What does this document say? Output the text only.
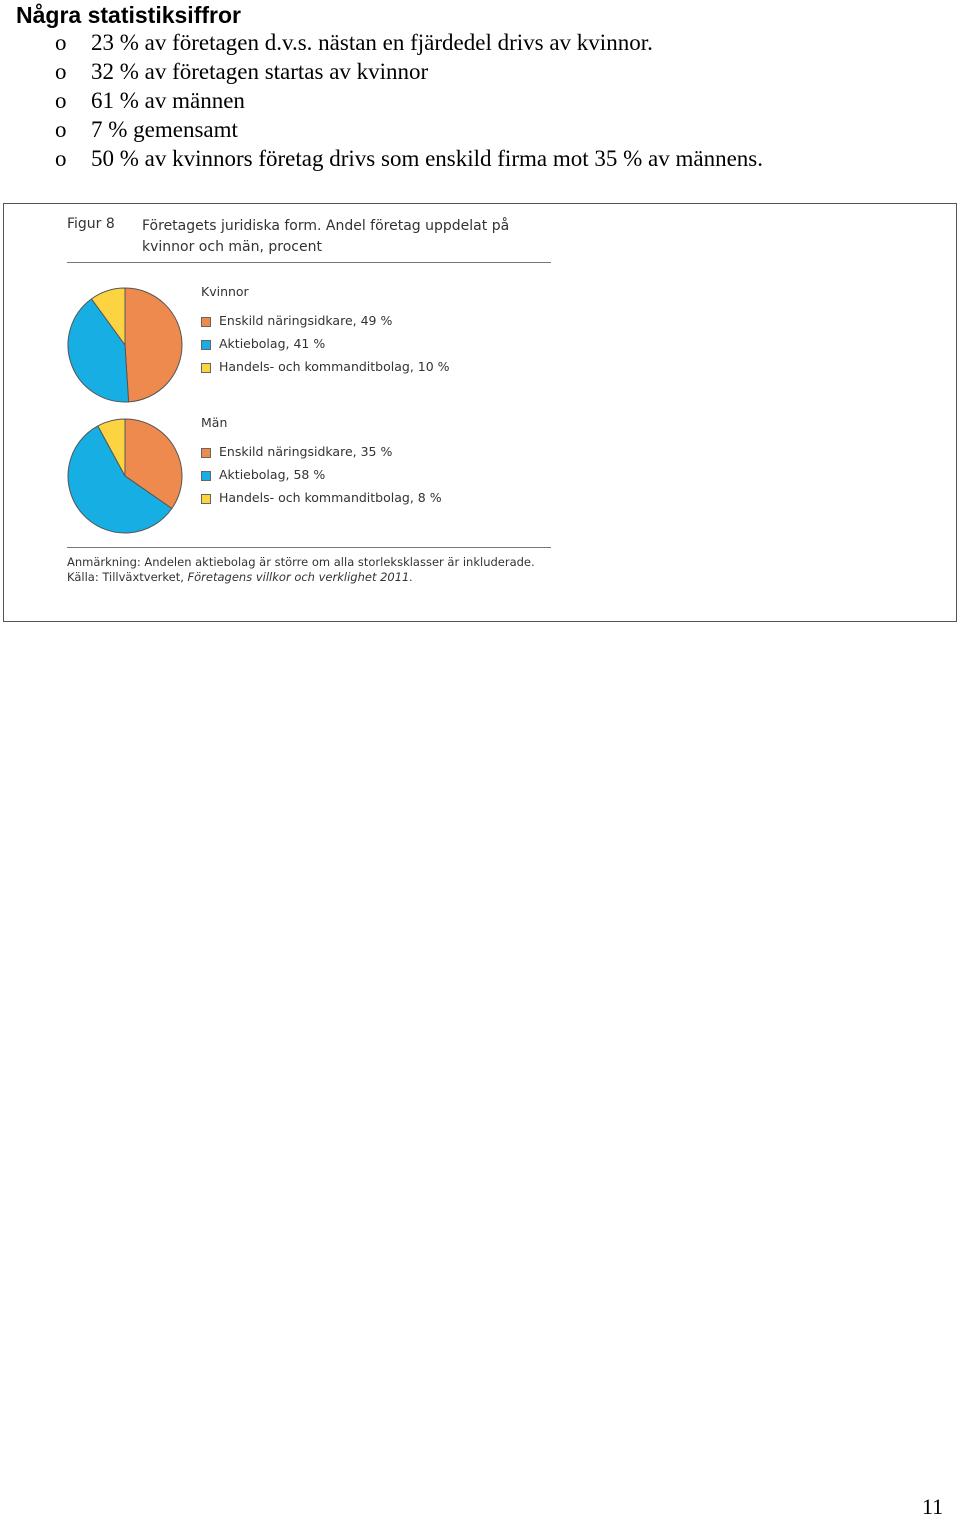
Några statistiksiffror
o 23 % av företagen d.v.s. nästan en fjärdedel drivs av kvinnor.
o 32 % av företagen startas av kvinnor
o 61 % av männen
o 7 % gemensamt
o 50 % av kvinnors företag drivs som enskild firma mot 35 % av männens.
Figur 8 Företagets juridiska form. Andel företag uppdelat på kvinnor och män, procent
Kvinnor
Enskild näringsidkare, 49 %
Aktiebolag, 41 %
Handels- och kommanditbolag, 10 %
Män
Enskild näringsidkare, 35 %
Aktiebolag, 58 %
Handels- och kommanditbolag, 8 %
Anmärkning: Andelen aktiebolag är större om alla storleksklasser är inkluderade.
Källa: Tillväxtverket, Företagens villkor och verklighet 2011.
11
